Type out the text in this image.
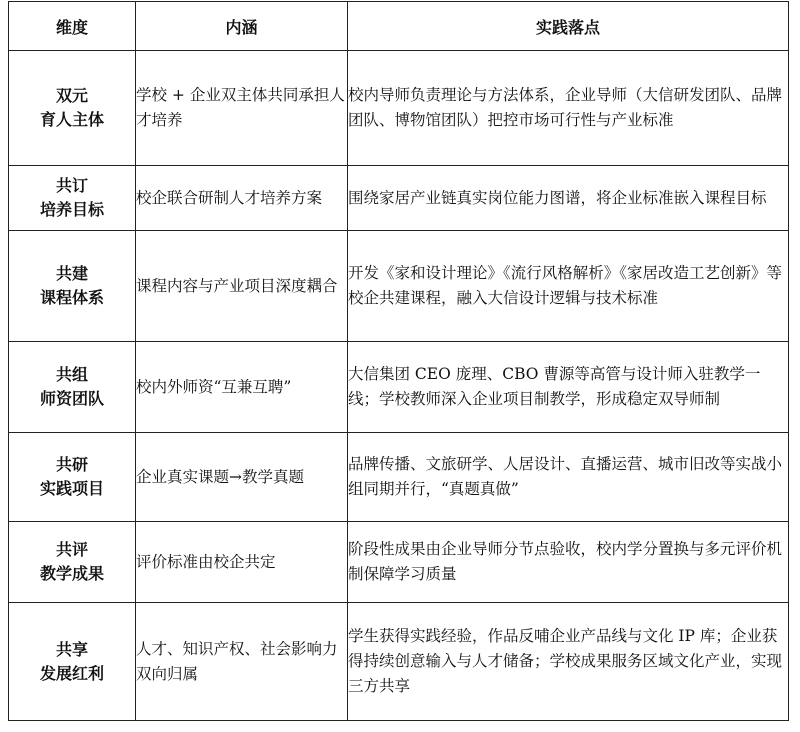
维度	内涵	实践落点

双元
育人主体	学校 + 企业双主体共同承担人才培养	校内导师负责理论与方法体系，企业导师（大信研发团队、品牌团队、博物馆团队）把控市场可行性与产业标准

共订
培养目标	校企联合研制人才培养方案	围绕家居产业链真实岗位能力图谱，将企业标准嵌入课程目标

共建
课程体系	课程内容与产业项目深度耦合	开发《家和设计理论》《流行风格解析》《家居改造工艺创新》等校企共建课程，融入大信设计逻辑与技术标准

共组
师资团队	校内外师资“互兼互聘”	大信集团 CEO 庞理、CBO 曹源等高管与设计师入驻教学一线；学校教师深入企业项目制教学，形成稳定双导师制

共研
实践项目	企业真实课题→教学真题	品牌传播、文旅研学、人居设计、直播运营、城市旧改等实战小组同期并行，“真题真做”

共评
教学成果	评价标准由校企共定	阶段性成果由企业导师分节点验收，校内学分置换与多元评价机制保障学习质量

共享
发展红利	人才、知识产权、社会影响力双向归属	学生获得实践经验，作品反哺企业产品线与文化 IP 库；企业获得持续创意输入与人才储备；学校成果服务区域文化产业，实现三方共享
